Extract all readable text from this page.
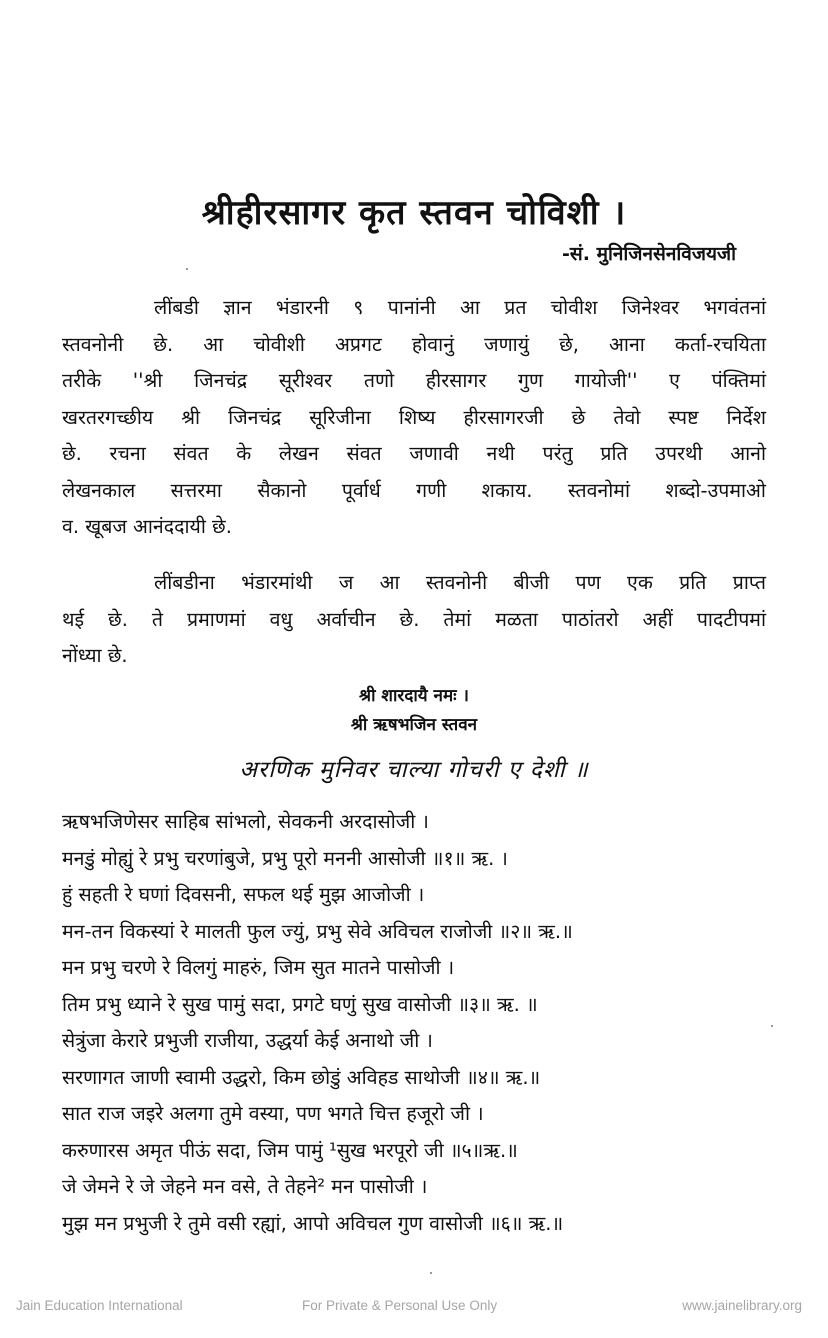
श्रीहीरसागर कृत स्तवन चोविशी ।
-सं. मुनिजिनसेनविजयजी
लींबडी ज्ञान भंडारनी ९ पानांनी आ प्रत चोवीश जिनेश्वर भगवंतनां
स्तवनोनी छे. आ चोवीशी अप्रगट होवानुं जणायुं छे, आना कर्ता-रचयिता
तरीके ''श्री जिनचंद्र सूरीश्वर तणो हीरसागर गुण गायोजी'' ए पंक्तिमां
खरतरगच्छीय श्री जिनचंद्र सूरिजीना शिष्य हीरसागरजी छे तेवो स्पष्ट निर्देश
छे. रचना संवत के लेखन संवत जणावी नथी परंतु प्रति उपरथी आनो
लेखनकाल सत्तरमा सैकानो पूर्वार्ध गणी शकाय. स्तवनोमां शब्दो-उपमाओ
व. खूबज आनंददायी छे.
लींबडीना भंडारमांथी ज आ स्तवनोनी बीजी पण एक प्रति प्राप्त
थई छे. ते प्रमाणमां वधु अर्वाचीन छे. तेमां मळता पाठांतरो अहीं पादटीपमां
नोंध्या छे.
श्री शारदायै नमः ।
श्री ऋषभजिन स्तवन
अरणिक मुनिवर चाल्या गोचरी ए देशी ॥
ऋषभजिणेसर साहिब सांभलो, सेवकनी अरदासोजी ।
मनडुं मोह्युं रे प्रभु चरणांबुजे, प्रभु पूरो मननी आसोजी ॥१॥ ऋ. ।
हुं सहती रे घणां दिवसनी, सफल थई मुझ आजोजी ।
मन-तन विकस्यां रे मालती फुल ज्युं, प्रभु सेवे अविचल राजोजी ॥२॥ ऋ.॥
मन प्रभु चरणे रे विलगुं माहरुं, जिम सुत मातने पासोजी ।
तिम प्रभु ध्याने रे सुख पामुं सदा, प्रगटे घणुं सुख वासोजी ॥३॥ ऋ. ॥
सेत्रुंजा केरारे प्रभुजी राजीया, उद्धर्या केई अनाथो जी ।
सरणागत जाणी स्वामी उद्धरो, किम छोडुं अविहड साथोजी ॥४॥ ऋ.॥
सात राज जइरे अलगा तुमे वस्या, पण भगते चित्त हजूरो जी ।
करुणारस अमृत पीऊं सदा, जिम पामुं ¹सुख भरपूरो जी ॥५॥ऋ.॥
जे जेमने रे जे जेहने मन वसे, ते तेहने² मन पासोजी ।
मुझ मन प्रभुजी रे तुमे वसी रह्यां, आपो अविचल गुण वासोजी ॥६॥ ऋ.॥
Jain Education International	For Private & Personal Use Only	www.jainelibrary.org
